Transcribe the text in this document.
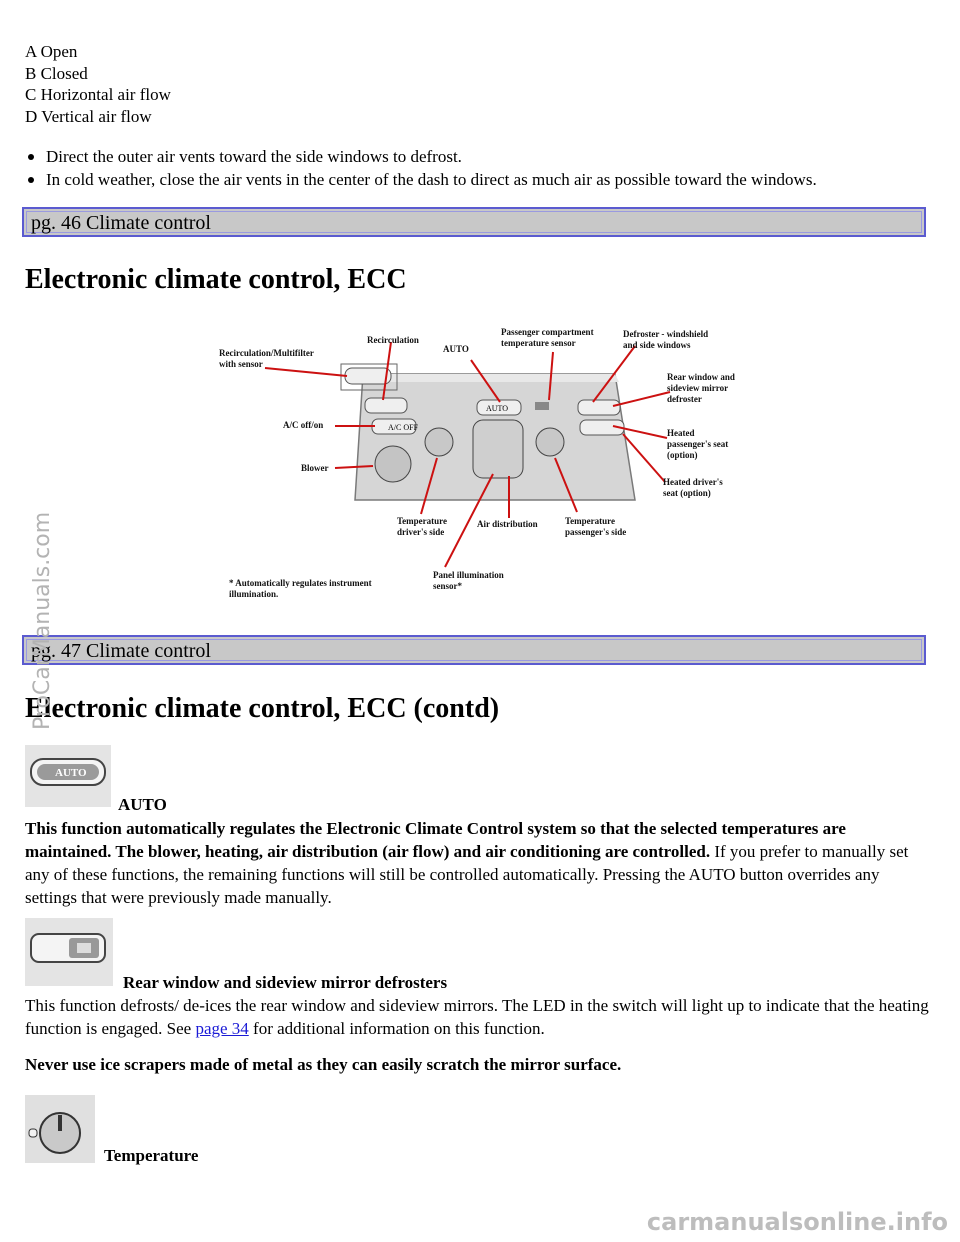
A Open
B Closed
C Horizontal air flow
D Vertical air flow
Direct the outer air vents toward the side windows to defrost.
In cold weather, close the air vents in the center of the dash to direct as much air as possible toward the windows.
pg. 46 Climate control
Electronic climate control, ECC
A/C OFF
AUTO
Recirculation/Multifilter with sensor
Recirculation
AUTO
Passenger compartment temperature sensor
Defroster - windshield and side windows
Rear window and sideview mirror defroster
A/C off/on
Heated passenger's seat (option)
Blower
Heated driver's seat (option)
Temperature driver's side
Air distribution	Temperature passenger's side
Panel illumination sensor*
* Automatically regulates instrument illumination.
pg. 47 Climate control
Electronic climate control, ECC (contd)
AUTO
AUTO
This function automatically regulates the Electronic Climate Control system so that the selected temperatures are maintained. The blower, heating, air distribution (air flow) and air conditioning are controlled. If you prefer to manually set any of these functions, the remaining functions will still be controlled automatically. Pressing the AUTO button overrides any settings that were previously made manually.
Rear window and sideview mirror defrosters
This function defrosts/ de-ices the rear window and sideview mirrors. The LED in the switch will light up to indicate that the heating function is engaged. See page 34 for additional information on this function.
Never use ice scrapers made of metal as they can easily scratch the mirror surface.
Temperature
ProCarManuals.com
carmanualsonline.info
